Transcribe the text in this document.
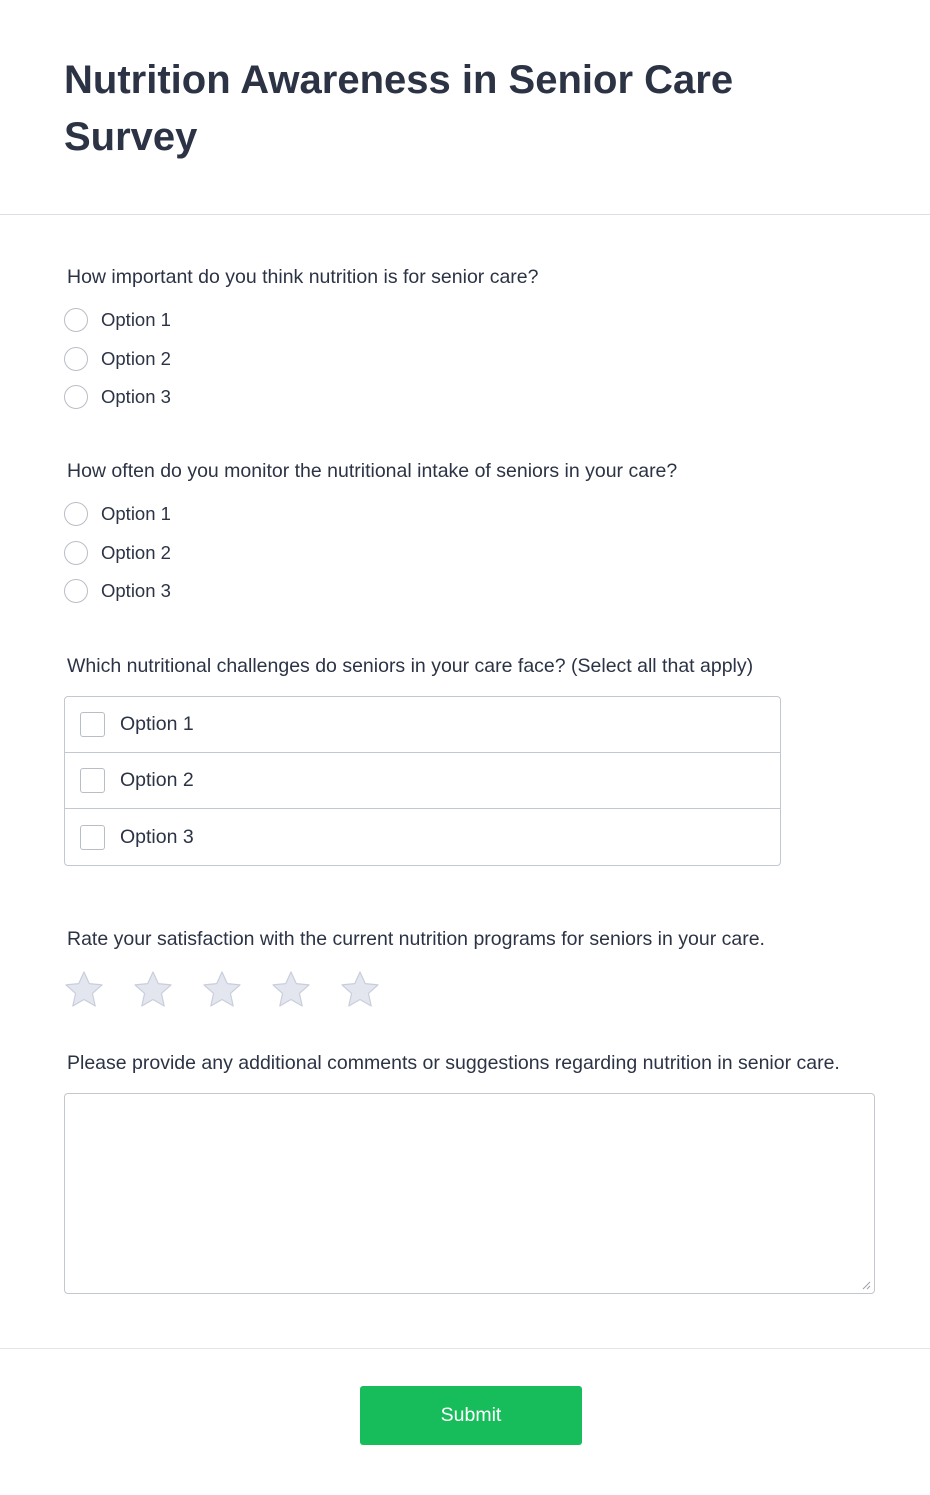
Nutrition Awareness in Senior Care Survey
How important do you think nutrition is for senior care?
Option 1
Option 2
Option 3
How often do you monitor the nutritional intake of seniors in your care?
Option 1
Option 2
Option 3
Which nutritional challenges do seniors in your care face? (Select all that apply)
Option 1
Option 2
Option 3
Rate your satisfaction with the current nutrition programs for seniors in your care.
Please provide any additional comments or suggestions regarding nutrition in senior care.
Submit
